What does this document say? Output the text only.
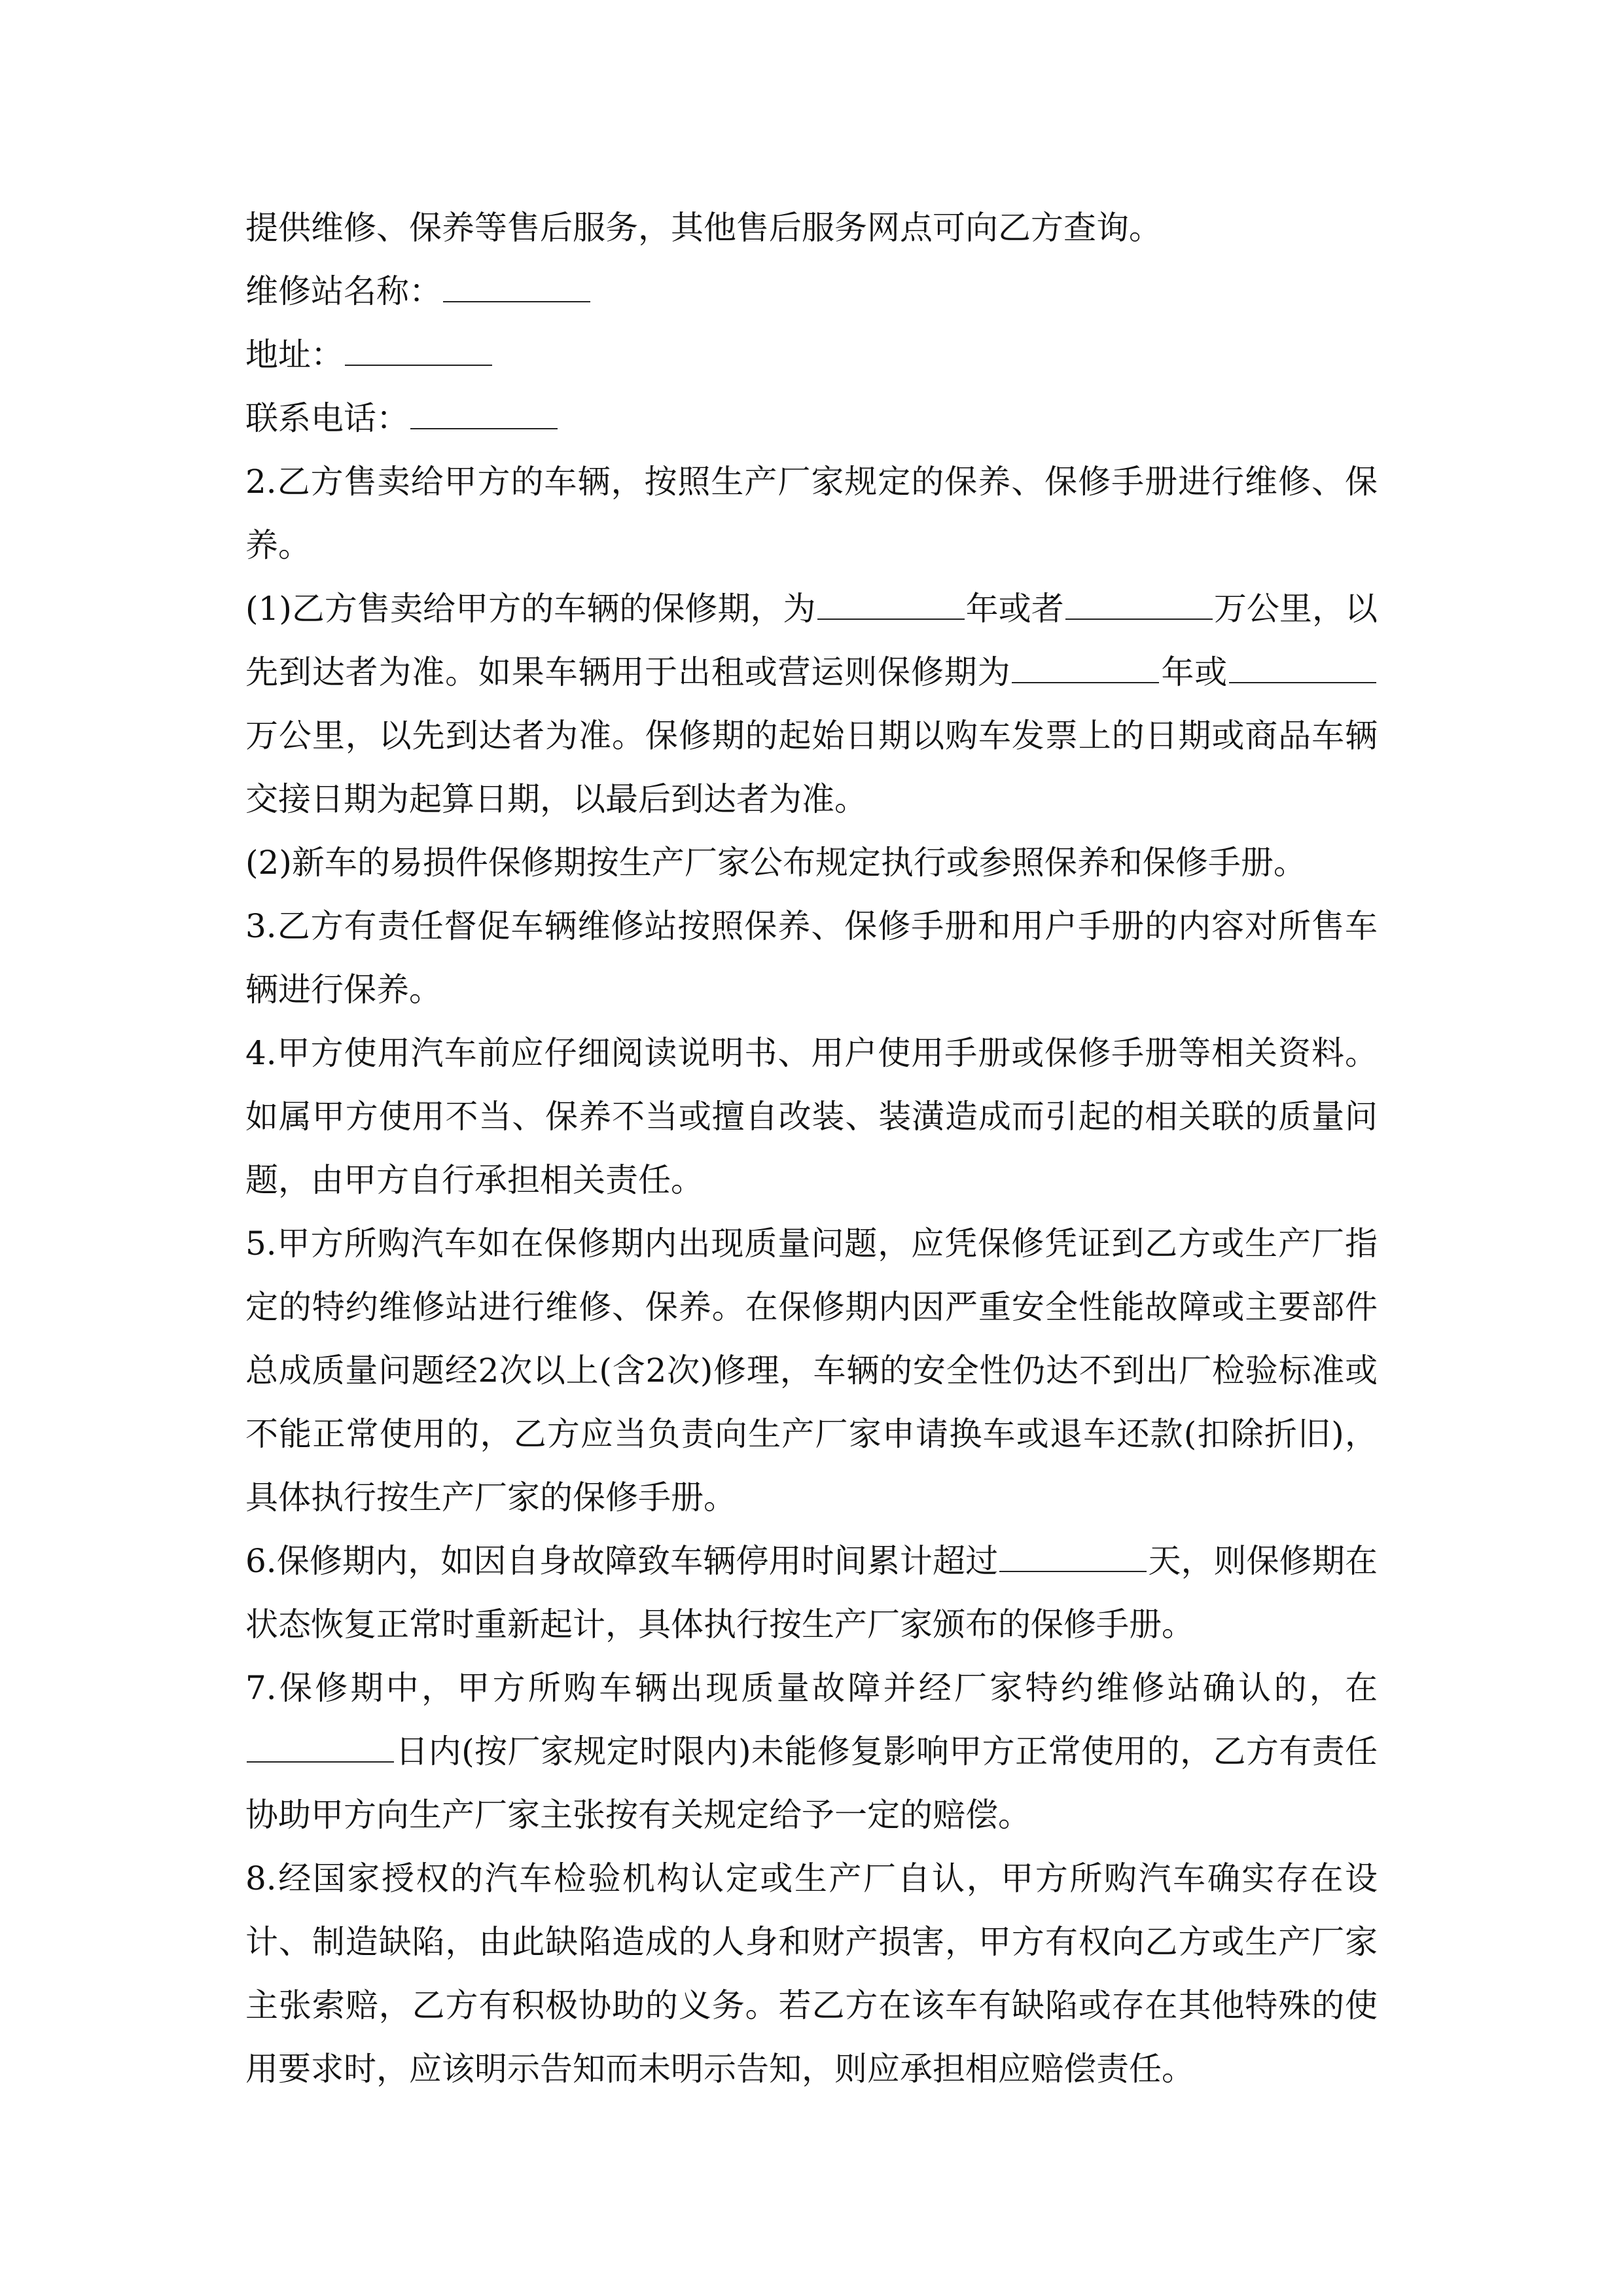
提供维修、保养等售后服务，其他售后服务网点可向乙方查询。

维修站名称：

地址：

联系电话：

2.乙方售卖给甲方的车辆，按照生产厂家规定的保养、保修手册进行维修、保养。

(1)乙方售卖给甲方的车辆的保修期，为	年或者	万公里，以先到达者为准。如果车辆用于出租或营运则保修期为	年或万公里，以先到达者为准。保修期的起始日期以购车发票上的日期或商品车辆交接日期为起算日期，以最后到达者为准。

(2)新车的易损件保修期按生产厂家公布规定执行或参照保养和保修手册。

3.乙方有责任督促车辆维修站按照保养、保修手册和用户手册的内容对所售车辆进行保养。

4.甲方使用汽车前应仔细阅读说明书、用户使用手册或保修手册等相关资料。如属甲方使用不当、保养不当或擅自改装、装潢造成而引起的相关联的质量问题，由甲方自行承担相关责任。

5.甲方所购汽车如在保修期内出现质量问题，应凭保修凭证到乙方或生产厂指定的特约维修站进行维修、保养。在保修期内因严重安全性能故障或主要部件总成质量问题经2次以上(含2次)修理，车辆的安全性仍达不到出厂检验标准或不能正常使用的，乙方应当负责向生产厂家申请换车或退车还款(扣除折旧)，具体执行按生产厂家的保修手册。

6.保修期内，如因自身故障致车辆停用时间累计超过	天，则保修期在状态恢复正常时重新起计，具体执行按生产厂家颁布的保修手册。

7.保修期中，甲方所购车辆出现质量故障并经厂家特约维修站确认的，在日内(按厂家规定时限内)未能修复影响甲方正常使用的，乙方有责任协助甲方向生产厂家主张按有关规定给予一定的赔偿。

8.经国家授权的汽车检验机构认定或生产厂自认，甲方所购汽车确实存在设计、制造缺陷，由此缺陷造成的人身和财产损害，甲方有权向乙方或生产厂家主张索赔，乙方有积极协助的义务。若乙方在该车有缺陷或存在其他特殊的使用要求时，应该明示告知而未明示告知，则应承担相应赔偿责任。
